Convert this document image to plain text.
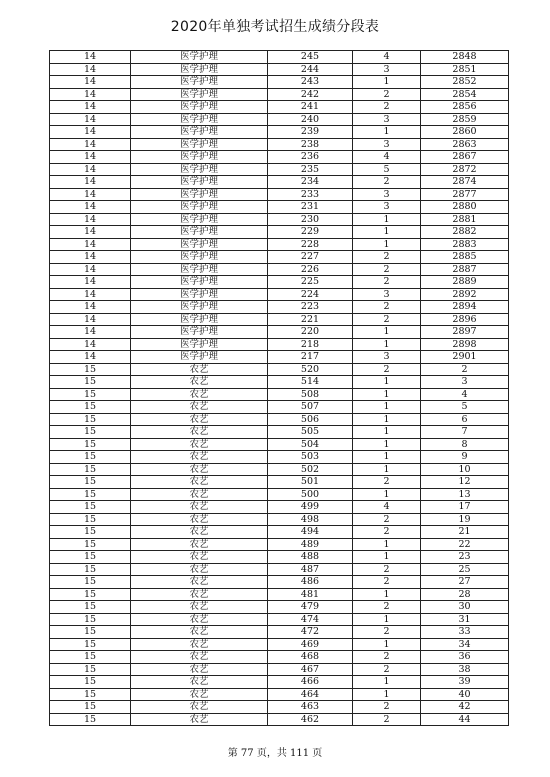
2020年单独考试招生成绩分段表
14	医学护理	245	4	2848
14	医学护理	244	3	2851
14	医学护理	243	1	2852
14	医学护理	242	2	2854
14	医学护理	241	2	2856
14	医学护理	240	3	2859
14	医学护理	239	1	2860
14	医学护理	238	3	2863
14	医学护理	236	4	2867
14	医学护理	235	5	2872
14	医学护理	234	2	2874
14	医学护理	233	3	2877
14	医学护理	231	3	2880
14	医学护理	230	1	2881
14	医学护理	229	1	2882
14	医学护理	228	1	2883
14	医学护理	227	2	2885
14	医学护理	226	2	2887
14	医学护理	225	2	2889
14	医学护理	224	3	2892
14	医学护理	223	2	2894
14	医学护理	221	2	2896
14	医学护理	220	1	2897
14	医学护理	218	1	2898
14	医学护理	217	3	2901
15	农艺	520	2	2
15	农艺	514	1	3
15	农艺	508	1	4
15	农艺	507	1	5
15	农艺	506	1	6
15	农艺	505	1	7
15	农艺	504	1	8
15	农艺	503	1	9
15	农艺	502	1	10
15	农艺	501	2	12
15	农艺	500	1	13
15	农艺	499	4	17
15	农艺	498	2	19
15	农艺	494	2	21
15	农艺	489	1	22
15	农艺	488	1	23
15	农艺	487	2	25
15	农艺	486	2	27
15	农艺	481	1	28
15	农艺	479	2	30
15	农艺	474	1	31
15	农艺	472	2	33
15	农艺	469	1	34
15	农艺	468	2	36
15	农艺	467	2	38
15	农艺	466	1	39
15	农艺	464	1	40
15	农艺	463	2	42
15	农艺	462	2	44
第 77 页，共 111 页
